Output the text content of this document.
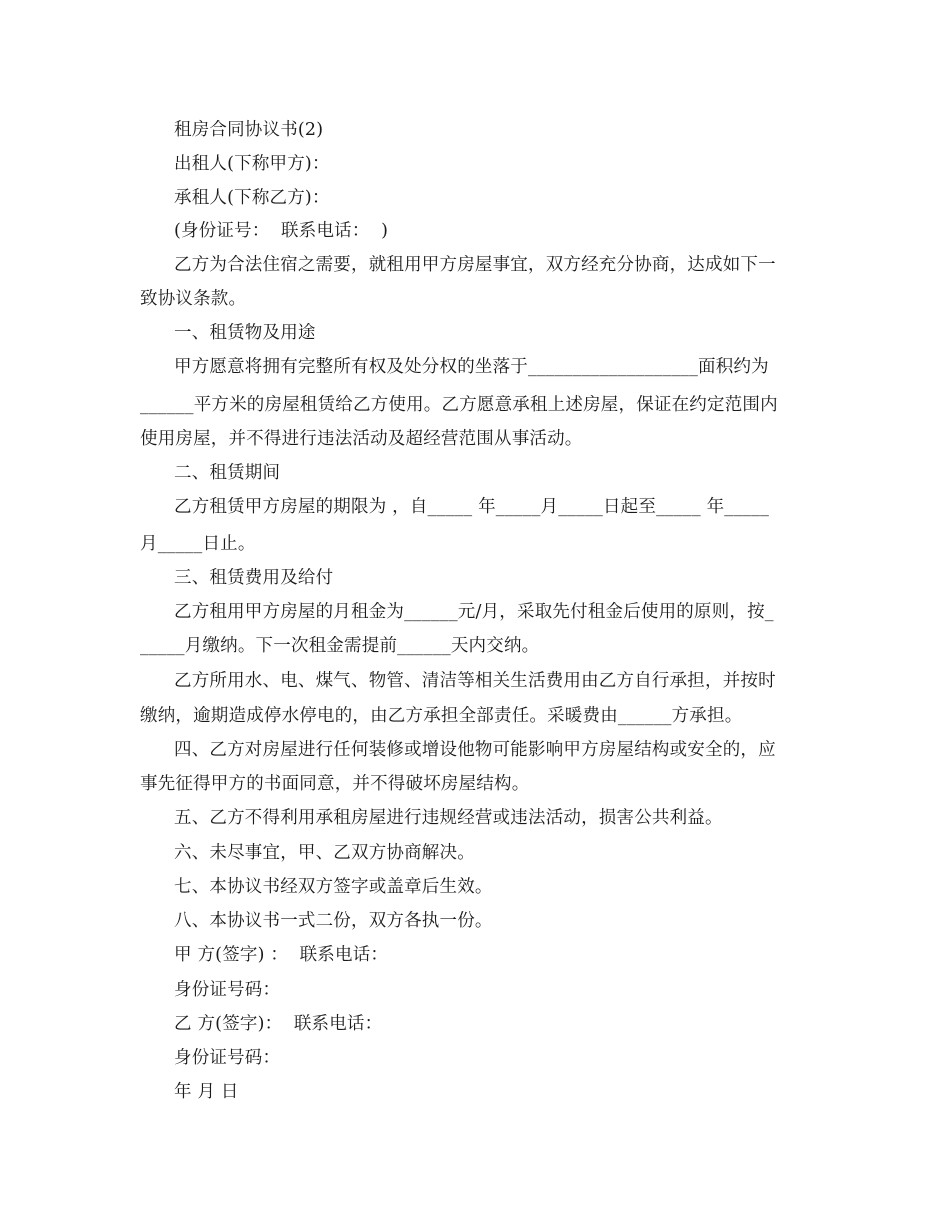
租房合同协议书(2)
出租人(下称甲方)：
承租人(下称乙方)：
(身份证号：  联系电话：  )
乙方为合法住宿之需要，就租用甲方房屋事宜，双方经充分协商，达成如下一
致协议条款。
一、租赁物及用途
甲方愿意将拥有完整所有权及处分权的坐落于___________________面积约为
______平方米的房屋租赁给乙方使用。乙方愿意承租上述房屋，保证在约定范围内
使用房屋，并不得进行违法活动及超经营范围从事活动。
二、租赁期间
乙方租赁甲方房屋的期限为 ，自_____ 年_____月_____日起至_____ 年_____
月_____日止。
三、租赁费用及给付
乙方租用甲方房屋的月租金为______元/月，采取先付租金后使用的原则，按_
_____月缴纳。下一次租金需提前______天内交纳。
乙方所用水、电、煤气、物管、清洁等相关生活费用由乙方自行承担，并按时
缴纳，逾期造成停水停电的，由乙方承担全部责任。采暖费由______方承担。
四、乙方对房屋进行任何装修或增设他物可能影响甲方房屋结构或安全的，应
事先征得甲方的书面同意，并不得破坏房屋结构。
五、乙方不得利用承租房屋进行违规经营或违法活动，损害公共利益。
六、未尽事宜，甲、乙双方协商解决。
七、本协议书经双方签字或盖章后生效。
八、本协议书一式二份，双方各执一份。
甲 方(签字) ：  联系电话：
身份证号码：
乙 方(签字)：  联系电话：
身份证号码：
年 月 日
